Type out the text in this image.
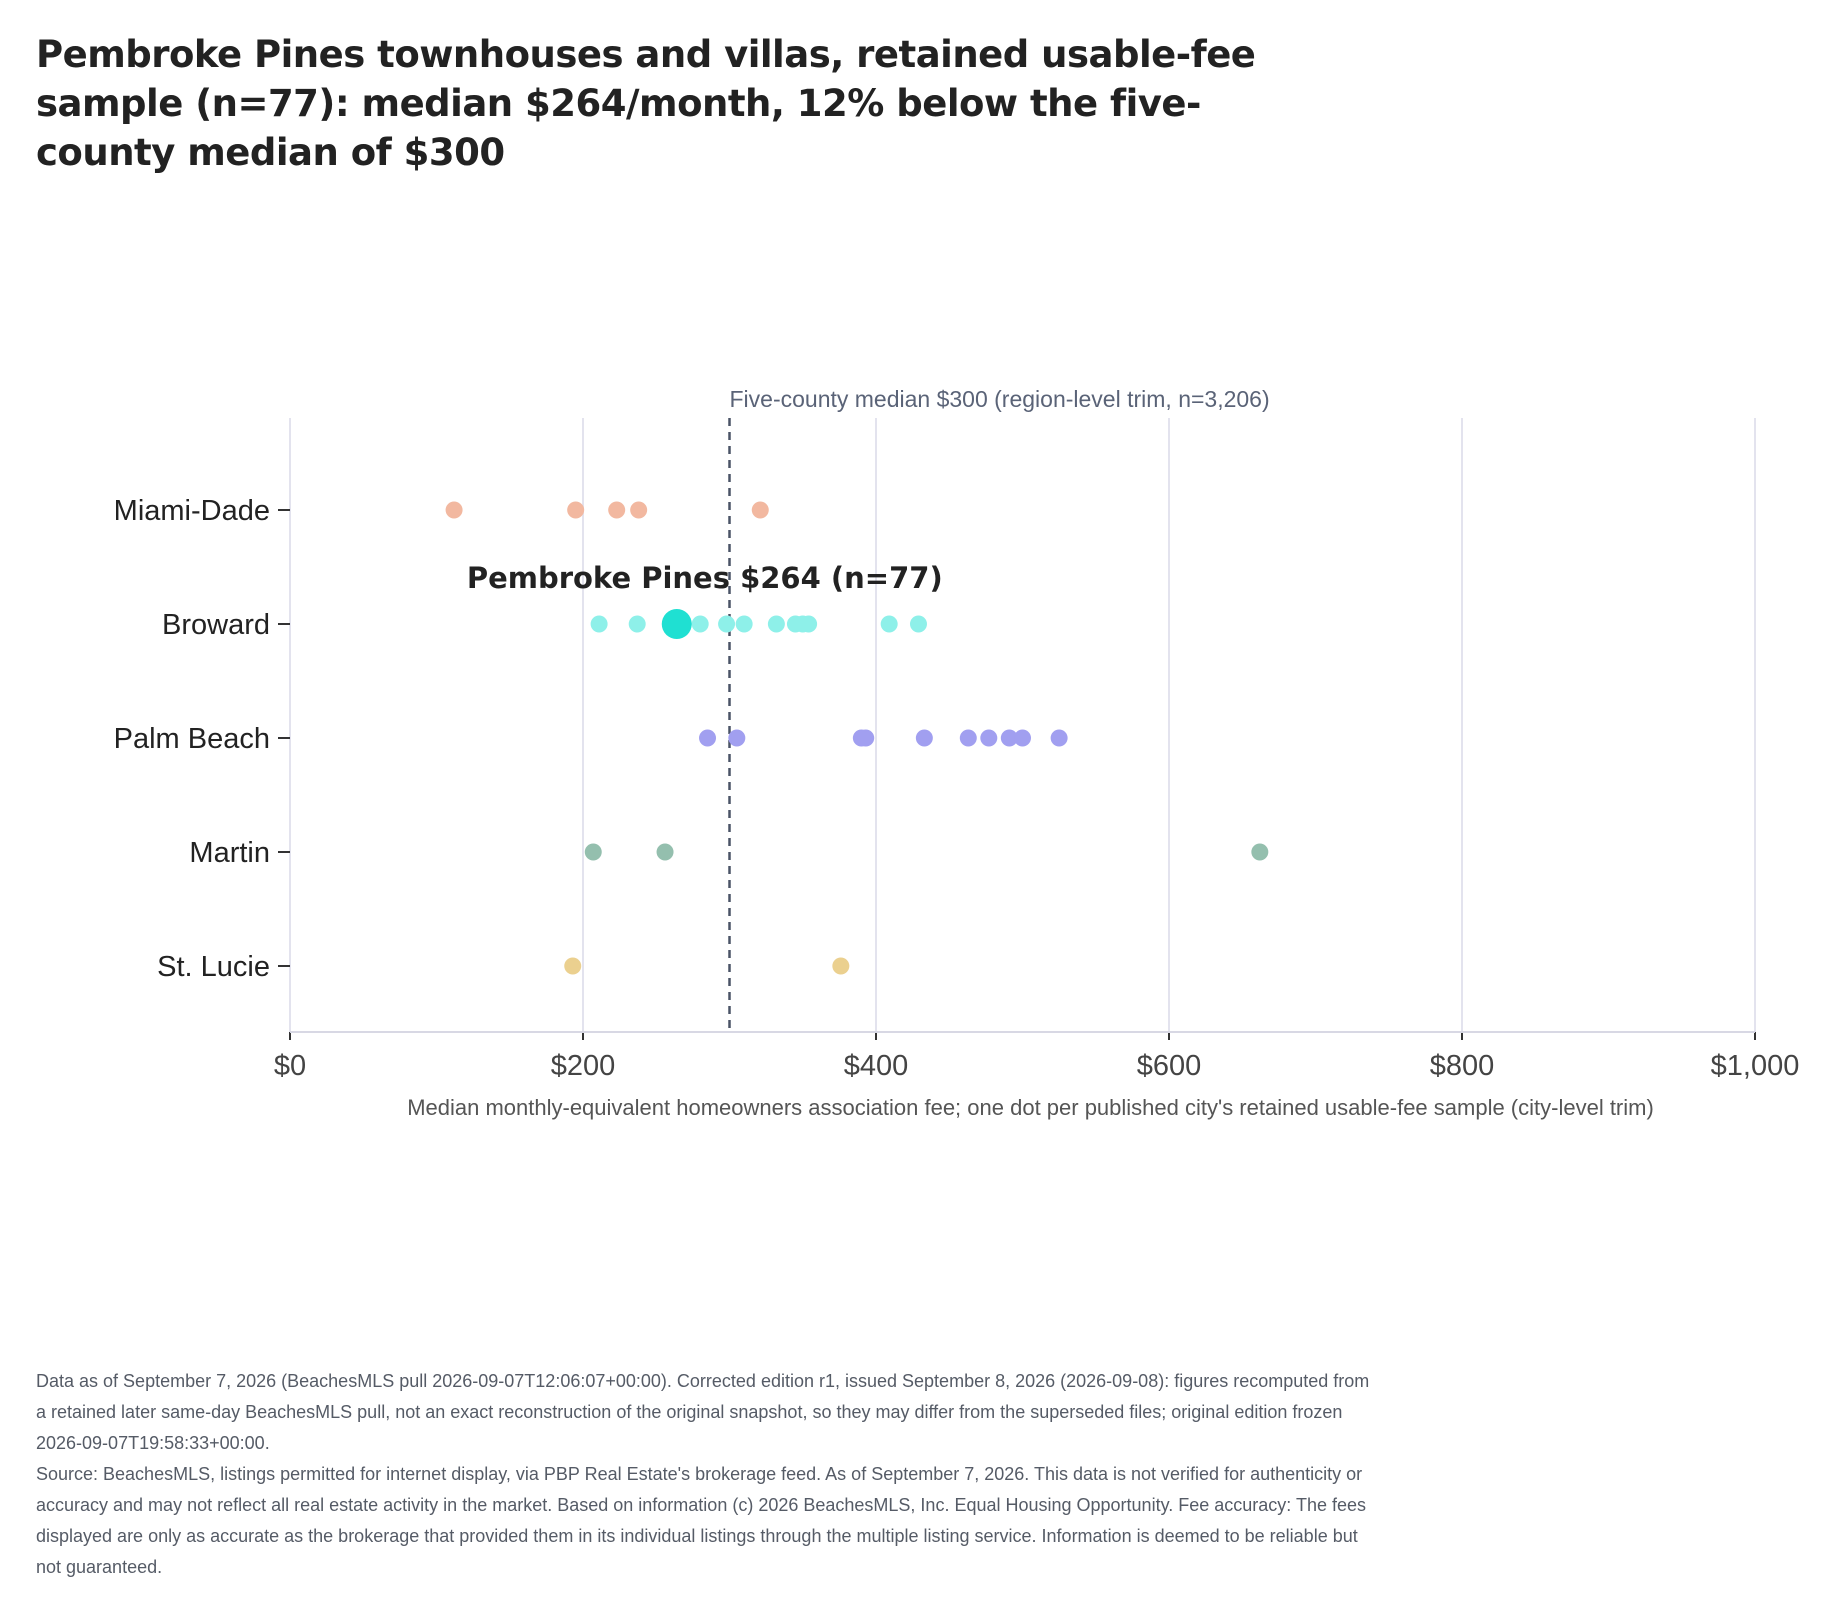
Pembroke Pines townhouses and villas, retained usable-fee sample (n=77): median $264/month, 12% below the five-county median of $300
$0	$200	$400	$600	$800	$1,000
Median monthly-equivalent homeowners association fee; one dot per published city's retained usable-fee sample (city-level trim)
Miami-Dade
Broward
Palm Beach
Martin
St. Lucie
Five-county median $300 (region-level trim, n=3,206)
Pembroke Pines $264 (n=77)

Data as of September 7, 2026 (BeachesMLS pull 2026-09-07T12:06:07+00:00). Corrected edition r1, issued September 8, 2026 (2026-09-08): figures recomputed from a retained later same-day BeachesMLS pull, not an exact reconstruction of the original snapshot, so they may differ from the superseded files; original edition frozen 2026-09-07T19:58:33+00:00.

Source: BeachesMLS, listings permitted for internet display, via PBP Real Estate's brokerage feed. As of September 7, 2026. This data is not verified for authenticity or accuracy and may not reflect all real estate activity in the market. Based on information (c) 2026 BeachesMLS, Inc. Equal Housing Opportunity. Fee accuracy: The fees displayed are only as accurate as the brokerage that provided them in its individual listings through the multiple listing service. Information is deemed to be reliable but not guaranteed.
